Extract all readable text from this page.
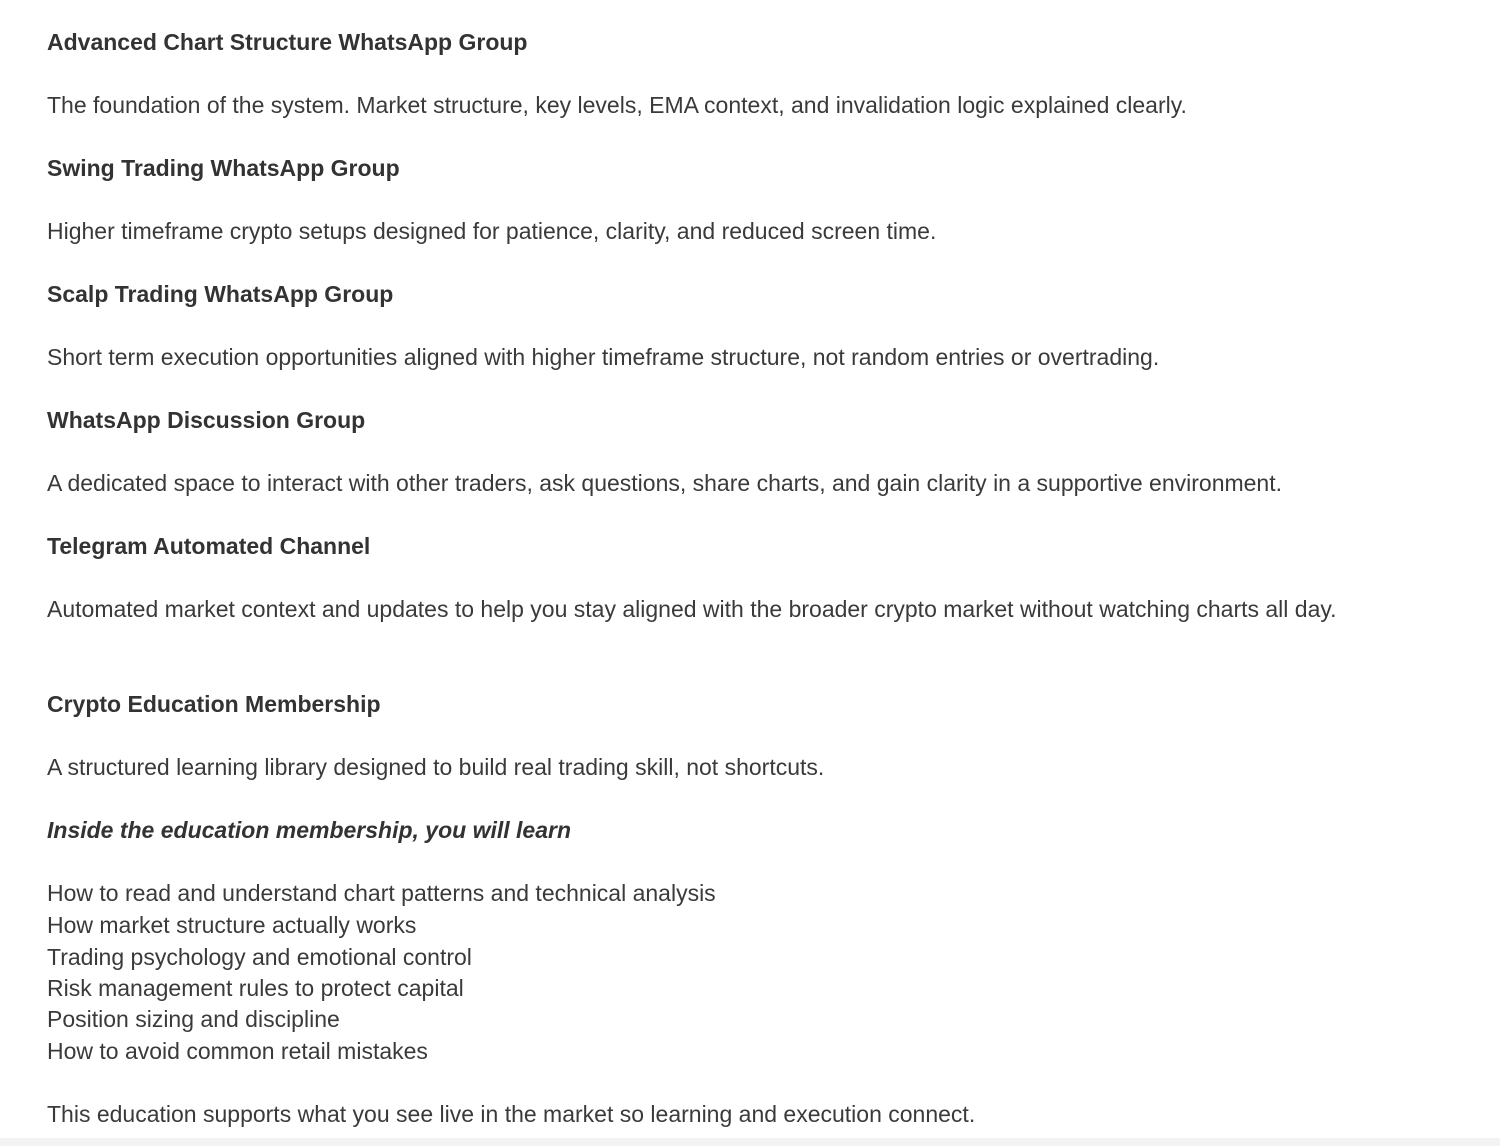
Advanced Chart Structure WhatsApp Group
The foundation of the system. Market structure, key levels, EMA context, and invalidation logic explained clearly.
Swing Trading WhatsApp Group
Higher timeframe crypto setups designed for patience, clarity, and reduced screen time.
Scalp Trading WhatsApp Group
Short term execution opportunities aligned with higher timeframe structure, not random entries or overtrading.
WhatsApp Discussion Group
A dedicated space to interact with other traders, ask questions, share charts, and gain clarity in a supportive environment.
Telegram Automated Channel
Automated market context and updates to help you stay aligned with the broader crypto market without watching charts all day.
Crypto Education Membership
A structured learning library designed to build real trading skill, not shortcuts.
Inside the education membership, you will learn
How to read and understand chart patterns and technical analysis
How market structure actually works
Trading psychology and emotional control
Risk management rules to protect capital
Position sizing and discipline
How to avoid common retail mistakes
This education supports what you see live in the market so learning and execution connect.
